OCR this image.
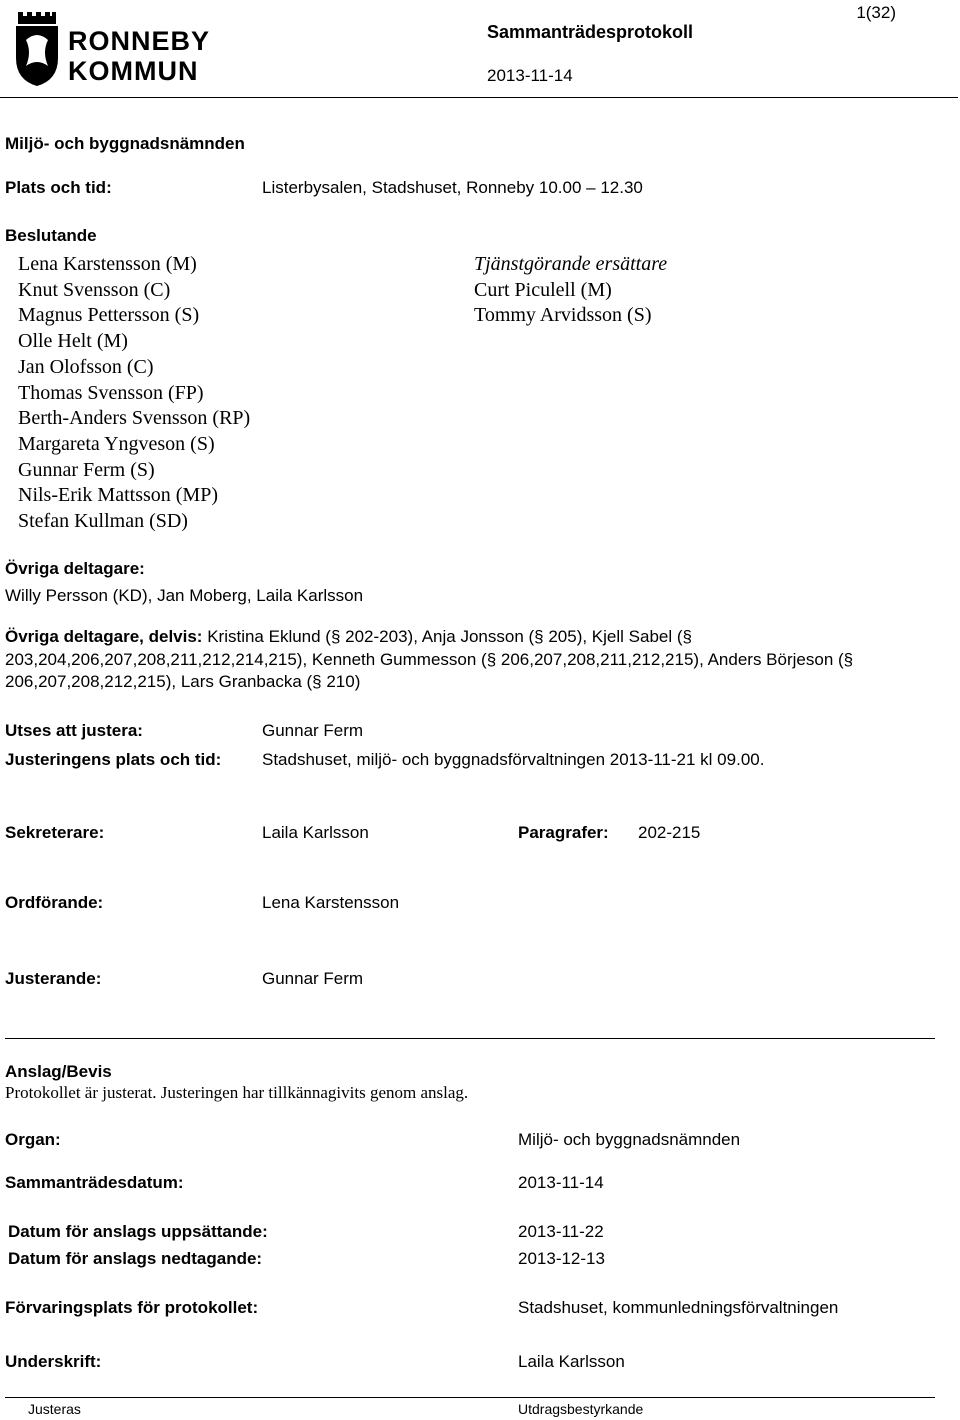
RONNEBY
KOMMUN
1(32)
Sammanträdesprotokoll
2013-11-14
Miljö- och byggnadsnämnden
Plats och tid:	Listerbysalen, Stadshuset, Ronneby 10.00 – 12.30
Beslutande
Lena Karstensson (M)
Knut Svensson (C)
Magnus Pettersson (S)
Olle Helt (M)
Jan Olofsson (C)
Thomas Svensson (FP)
Berth-Anders Svensson (RP)
Margareta Yngveson (S)
Gunnar Ferm (S)
Nils-Erik Mattsson (MP)
Stefan Kullman (SD)
Tjänstgörande ersättare
Curt Piculell (M)
Tommy Arvidsson (S)
Övriga deltagare:
Willy Persson (KD), Jan Moberg, Laila Karlsson
Övriga deltagare, delvis: Kristina Eklund (§ 202-203), Anja Jonsson (§ 205), Kjell Sabel (§ 203,204,206,207,208,211,212,214,215), Kenneth Gummesson (§ 206,207,208,211,212,215), Anders Börjeson (§ 206,207,208,212,215), Lars Granbacka (§ 210)
Utses att justera:	Gunnar Ferm
Justeringens plats och tid: Stadshuset, miljö- och byggnadsförvaltningen 2013-11-21 kl 09.00.
Sekreterare:	Laila Karlsson	Paragrafer: 202-215
Ordförande:	Lena Karstensson
Justerande:	Gunnar Ferm
Anslag/Bevis
Protokollet är justerat. Justeringen har tillkännagivits genom anslag.
Organ:	Miljö- och byggnadsnämnden
Sammanträdesdatum:	2013-11-14
Datum för anslags uppsättande:	2013-11-22
Datum för anslags nedtagande:	2013-12-13
Förvaringsplats för protokollet:	Stadshuset, kommunledningsförvaltningen
Underskrift:	Laila Karlsson
Justeras	Utdragsbestyrkande
